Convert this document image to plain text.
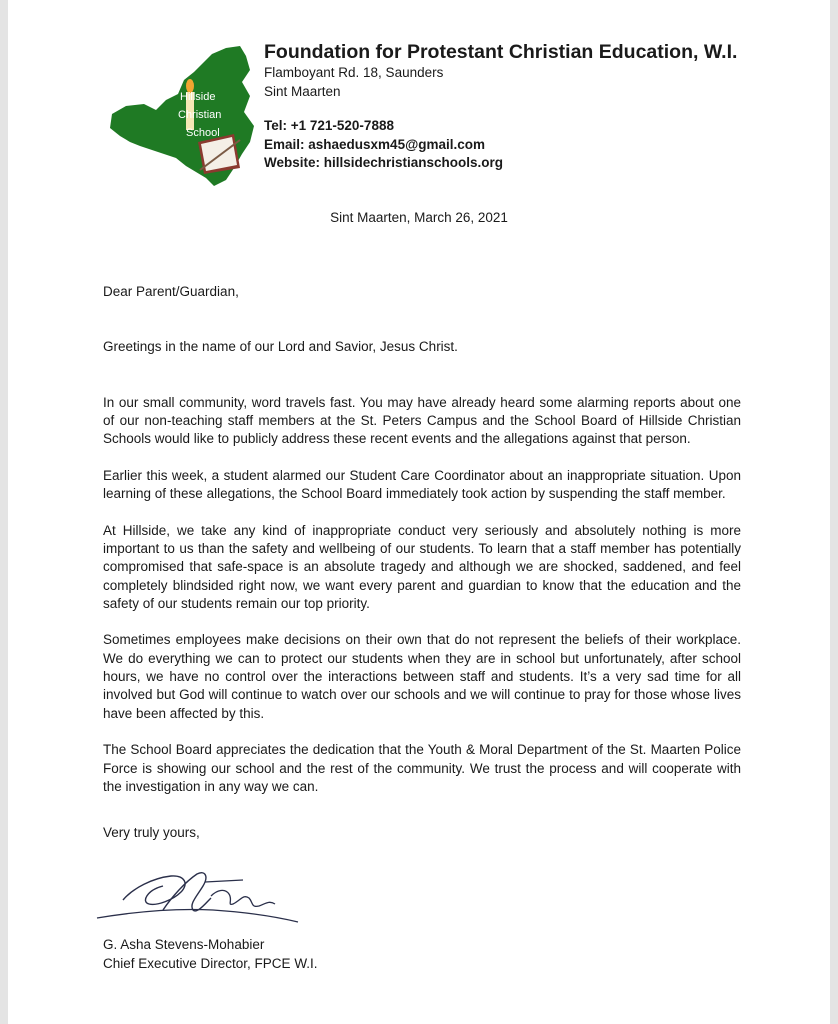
Hillside
Christian
School
Foundation for Protestant Christian Education, W.I.
Flamboyant Rd. 18, Saunders
Sint Maarten
Tel: +1 721-520-7888
Email: ashaedusxm45@gmail.com
Website: hillsidechristianschools.org
Sint Maarten, March 26, 2021

Dear Parent/Guardian,

Greetings in the name of our Lord and Savior, Jesus Christ.

In our small community, word travels fast. You may have already heard some alarming reports about one of our non-teaching staff members at the St. Peters Campus and the School Board of Hillside Christian Schools would like to publicly address these recent events and the allegations against that person.

Earlier this week, a student alarmed our Student Care Coordinator about an inappropriate situation. Upon learning of these allegations, the School Board immediately took action by suspending the staff member.

At Hillside, we take any kind of inappropriate conduct very seriously and absolutely nothing is more important to us than the safety and wellbeing of our students. To learn that a staff member has potentially compromised that safe-space is an absolute tragedy and although we are shocked, saddened, and feel completely blindsided right now, we want every parent and guardian to know that the education and the safety of our students remain our top priority.

Sometimes employees make decisions on their own that do not represent the beliefs of their workplace. We do everything we can to protect our students when they are in school but unfortunately, after school hours, we have no control over the interactions between staff and students. It’s a very sad time for all involved but God will continue to watch over our schools and we will continue to pray for those whose lives have been affected by this.

The School Board appreciates the dedication that the Youth & Moral Department of the St. Maarten Police Force is showing our school and the rest of the community. We trust the process and will cooperate with the investigation in any way we can.

Very truly yours,

G. Asha Stevens-Mohabier
Chief Executive Director, FPCE W.I.
